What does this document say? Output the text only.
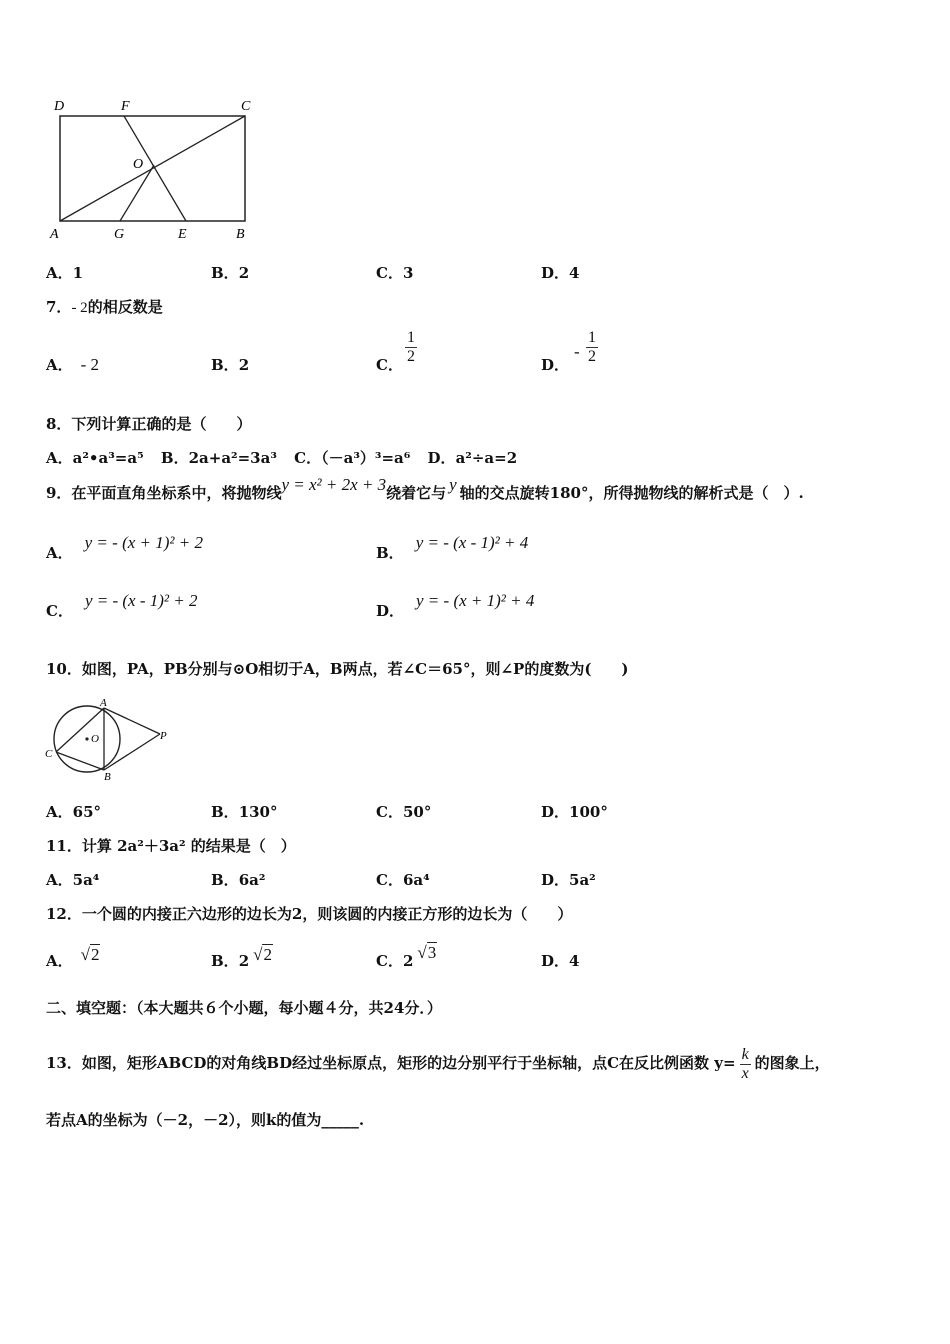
D	F	C
O
A	G	E	B
A．1	B．2	C．3	D．4
7．- 2的相反数是
A． - 2	B．2	C． $\frac{1}{2}$	D．
- $\frac{1}{2}$
8．下列计算正确的是（　　）
A．a²•a³=a⁵ B．2a+a²=3a³ C．（－a³）³=a⁶ D．a²÷a=2
9．在平面直角坐标系中，将抛物线y = x² + 2x + 3绕着它与 y 轴的交点旋转180°，所得抛物线的解析式是（　）.
A．y = - (x + 1)² + 2
B．y = - (x - 1)² + 4
C．y = - (x - 1)² + 2
D．y = - (x + 1)² + 4
10．如图，PA，PB分别与⊙O相切于A，B两点，若∠C＝65°，则∠P的度数为(　　)
A
O	P
C
B
A．65°	B．130°	C．50°	D．100°
11．计算 2a²＋3a² 的结果是（　）
A．5a⁴	B．6a²	C．6a⁴	D．5a²
12．一个圆的内接正六边形的边长为2，则该圆的内接正方形的边长为（　　）
A． √2	B．2 √2	C．2 √3	D．4
二、填空题：（本大题共６个小题，每小题４分，共24分．）
13．如图，矩形ABCD的对角线BD经过坐标原点，矩形的边分别平行于坐标轴，点C在反比例函数 $y= \frac{k}{x}$ 的图象上，
若点A的坐标为（－2，－2），则k的值为_____.
